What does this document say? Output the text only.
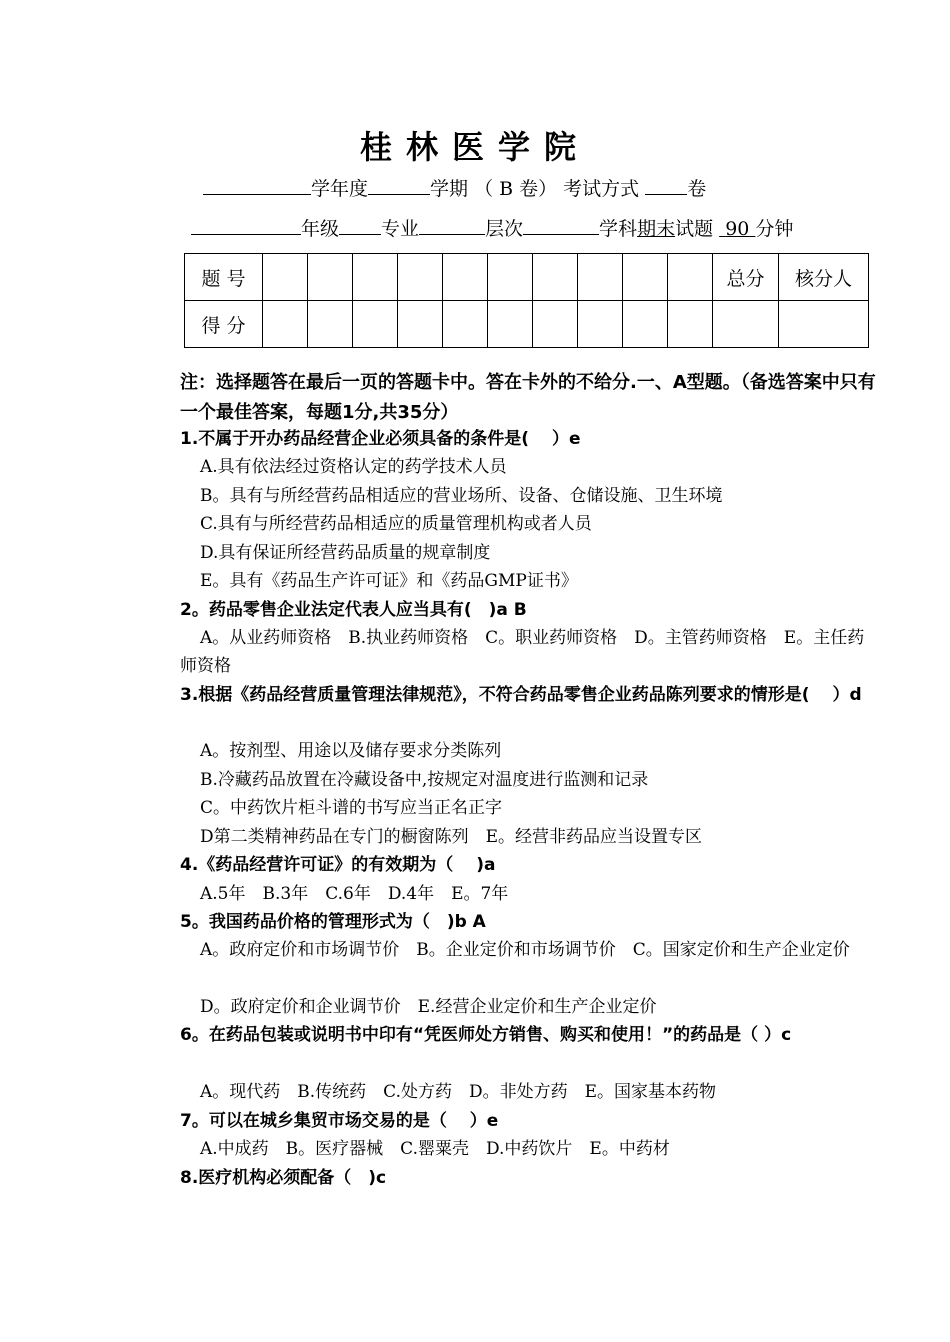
桂林医学院
学年度	学期 （ B 卷） 考试方式	卷
年级 专业	层次	学科期末试题 90 分钟
题 号											总分	核分人
得 分												
注：选择题答在最后一页的答题卡中。答在卡外的不给分.一、A型题。（备选答案中只有一个最佳答案，每题1分,共35分）
1.不属于开办药品经营企业必须具备的条件是(　 ）e
A.具有依法经过资格认定的药学技术人员
B。具有与所经营药品相适应的营业场所、设备、仓储设施、卫生环境
C.具有与所经营药品相适应的质量管理机构或者人员
D.具有保证所经营药品质量的规章制度
E。具有《药品生产许可证》和《药品GMP证书》
2。药品零售企业法定代表人应当具有(　)a B
A。从业药师资格　B.执业药师资格　C。职业药师资格　D。主管药师资格　E。主任药师资格
3.根据《药品经营质量管理法律规范》，不符合药品零售企业药品陈列要求的情形是(　 ）d
A。按剂型、用途以及储存要求分类陈列
B.冷藏药品放置在冷藏设备中,按规定对温度进行监测和记录
C。中药饮片柜斗谱的书写应当正名正字
D第二类精神药品在专门的橱窗陈列　E。经营非药品应当设置专区
4.《药品经营许可证》的有效期为（　 )a
A.5年　B.3年　C.6年　D.4年　E。7年
5。我国药品价格的管理形式为（　)b A
A。政府定价和市场调节价　B。企业定价和市场调节价　C。国家定价和生产企业定价
D。政府定价和企业调节价　E.经营企业定价和生产企业定价
6。在药品包装或说明书中印有“凭医师处方销售、购买和使用！”的药品是（ ）c
A。现代药　B.传统药　C.处方药　D。非处方药　E。国家基本药物
7。可以在城乡集贸市场交易的是（　 ）e
A.中成药　B。医疗器械　C.罂粟壳　D.中药饮片　E。中药材
8.医疗机构必须配备（　)c
